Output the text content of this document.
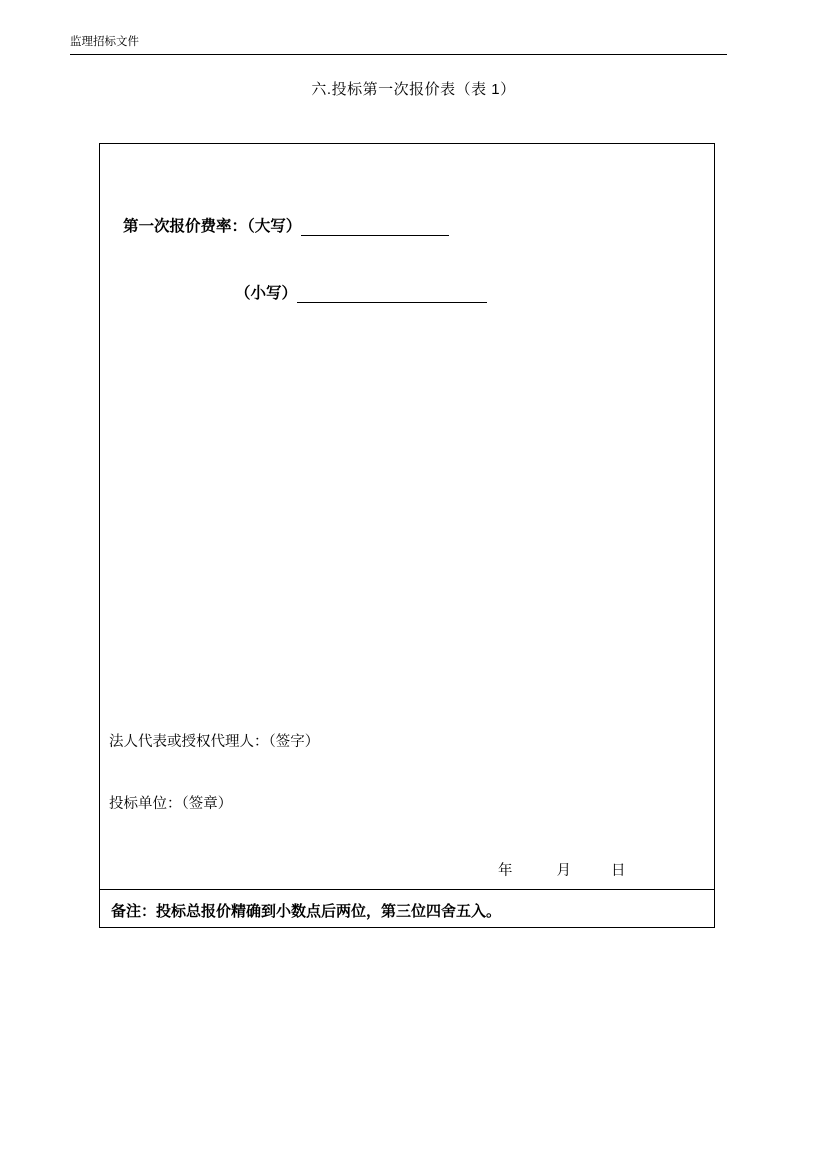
监理招标文件
六.投标第一次报价表（表 1）
第一次报价费率：（大写）
（小写）
法人代表或授权代理人：（签字）
投标单位：（签章）
年	月	日
备注：投标总报价精确到小数点后两位，第三位四舍五入。
